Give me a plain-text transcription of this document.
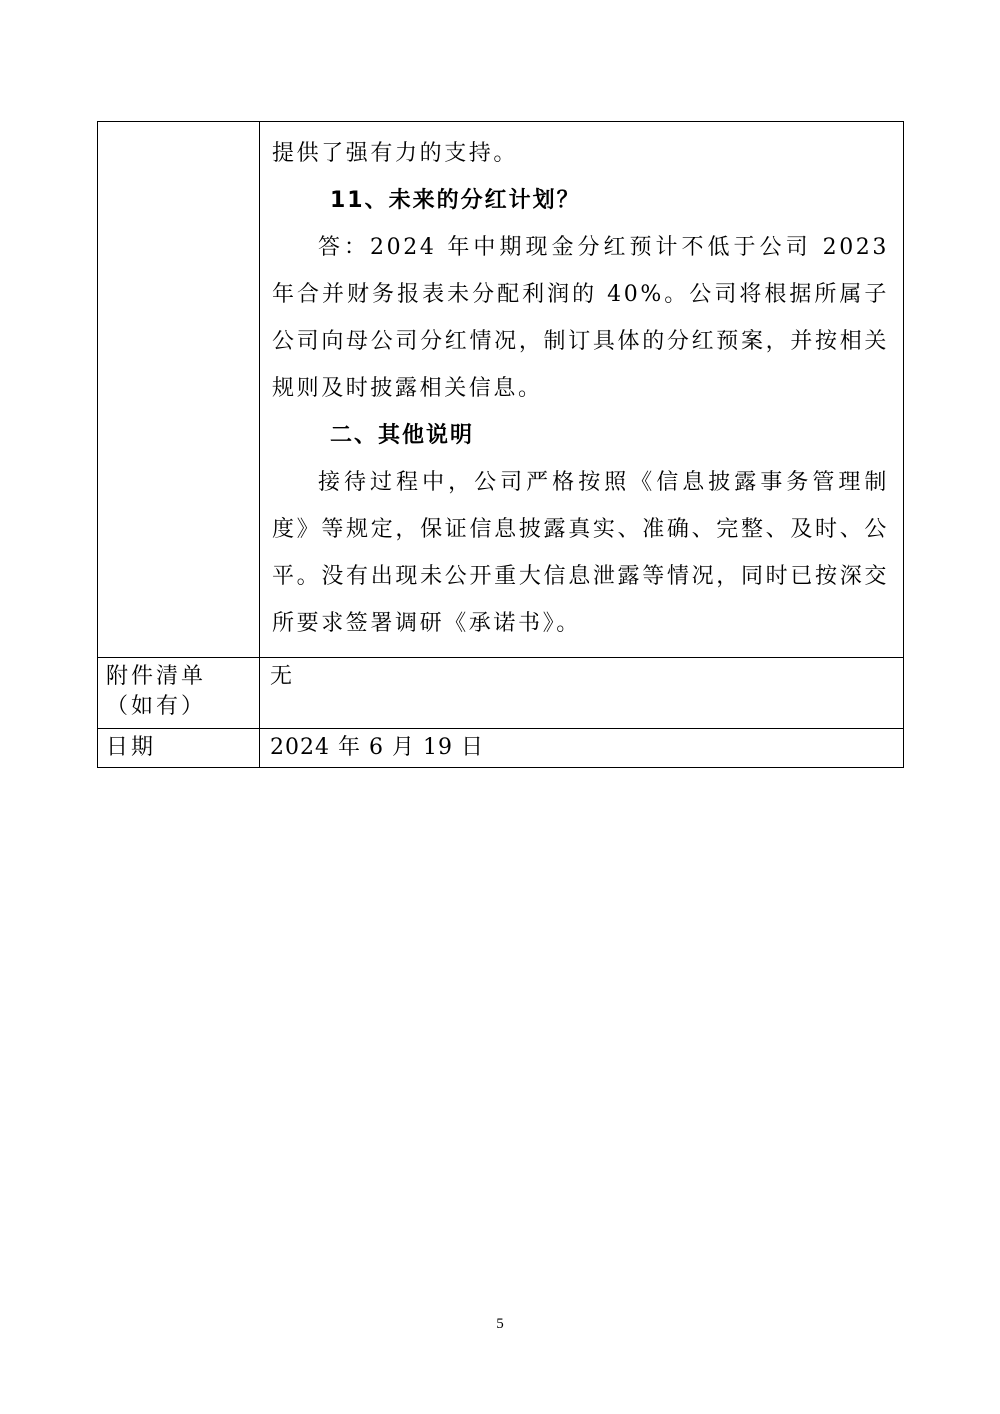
	提供了强有力的支持。

11、未来的分红计划？

答：2024 年中期现金分红预计不低于公司 2023 年合并财务报表未分配利润的 40%。公司将根据所属子公司向母公司分红情况，制订具体的分红预案，并按相关规则及时披露相关信息。

二、其他说明

接待过程中，公司严格按照《信息披露事务管理制度》等规定，保证信息披露真实、准确、完整、及时、公平。没有出现未公开重大信息泄露等情况，同时已按深交所要求签署调研《承诺书》。

附件清单（如有）	无
日期	2024 年 6 月 19 日
5
